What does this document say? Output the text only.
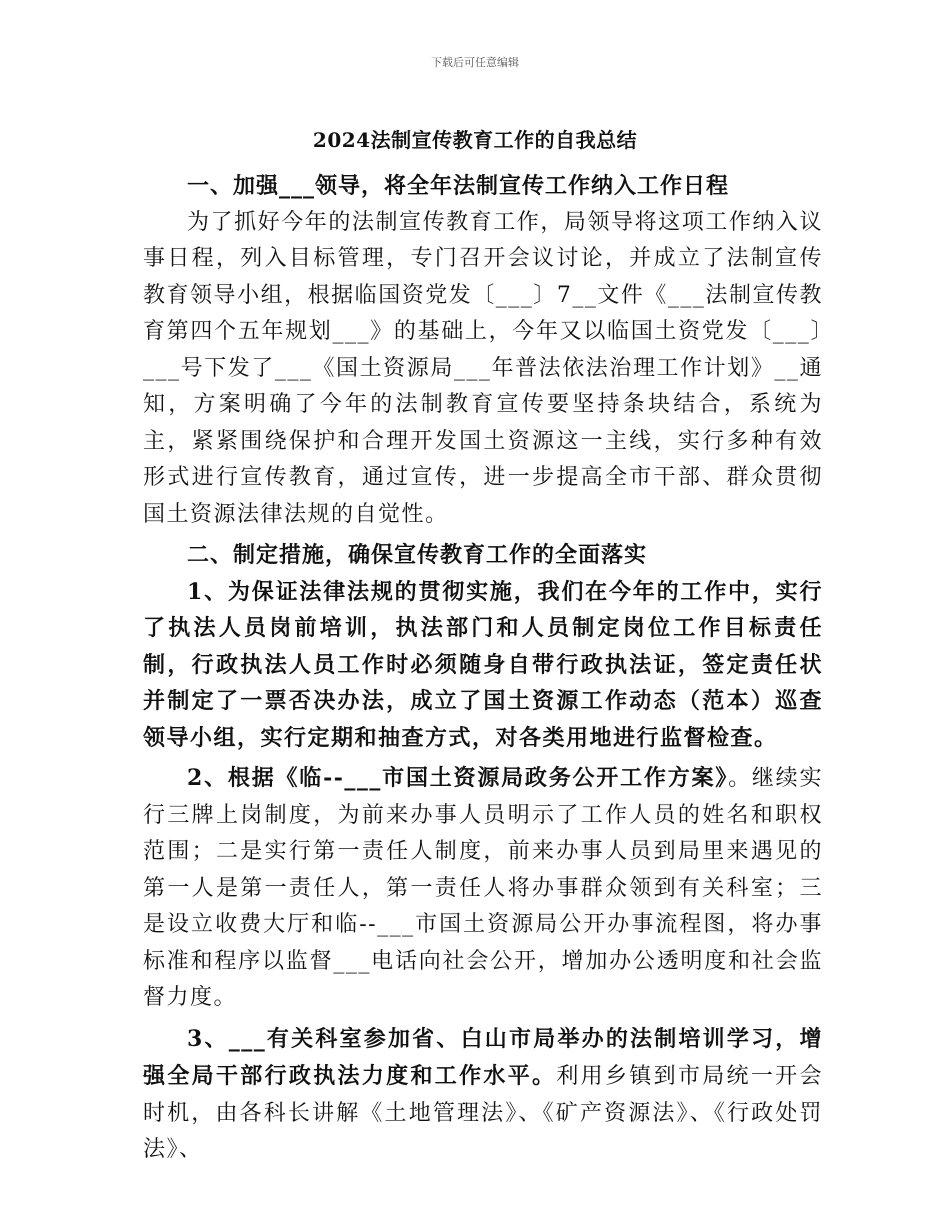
下载后可任意编辑
2024法制宣传教育工作的自我总结

一、加强___领导，将全年法制宣传工作纳入工作日程

为了抓好今年的法制宣传教育工作，局领导将这项工作纳入议事日程，列入目标管理，专门召开会议讨论，并成立了法制宣传教育领导小组，根据临国资党发〔___〕7__文件《___法制宣传教育第四个五年规划___》的基础上，今年又以临国土资党发〔___〕___号下发了___《国土资源局___年普法依法治理工作计划》__通知，方案明确了今年的法制教育宣传要坚持条块结合，系统为主，紧紧围绕保护和合理开发国土资源这一主线，实行多种有效形式进行宣传教育，通过宣传，进一步提高全市干部、群众贯彻国土资源法律法规的自觉性。

二、制定措施，确保宣传教育工作的全面落实

1、为保证法律法规的贯彻实施，我们在今年的工作中，实行了执法人员岗前培训，执法部门和人员制定岗位工作目标责任制，行政执法人员工作时必须随身自带行政执法证，签定责任状并制定了一票否决办法，成立了国土资源工作动态（范本）巡查领导小组，实行定期和抽查方式，对各类用地进行监督检查。

2、根据《临--___市国土资源局政务公开工作方案》。继续实行三牌上岗制度，为前来办事人员明示了工作人员的姓名和职权范围；二是实行第一责任人制度，前来办事人员到局里来遇见的第一人是第一责任人，第一责任人将办事群众领到有关科室；三是设立收费大厅和临--___市国土资源局公开办事流程图，将办事标准和程序以监督___电话向社会公开，增加办公透明度和社会监督力度。

3、___有关科室参加省、白山市局举办的法制培训学习，增强全局干部行政执法力度和工作水平。利用乡镇到市局统一开会时机，由各科长讲解《土地管理法》、《矿产资源法》、《行政处罚法》、
